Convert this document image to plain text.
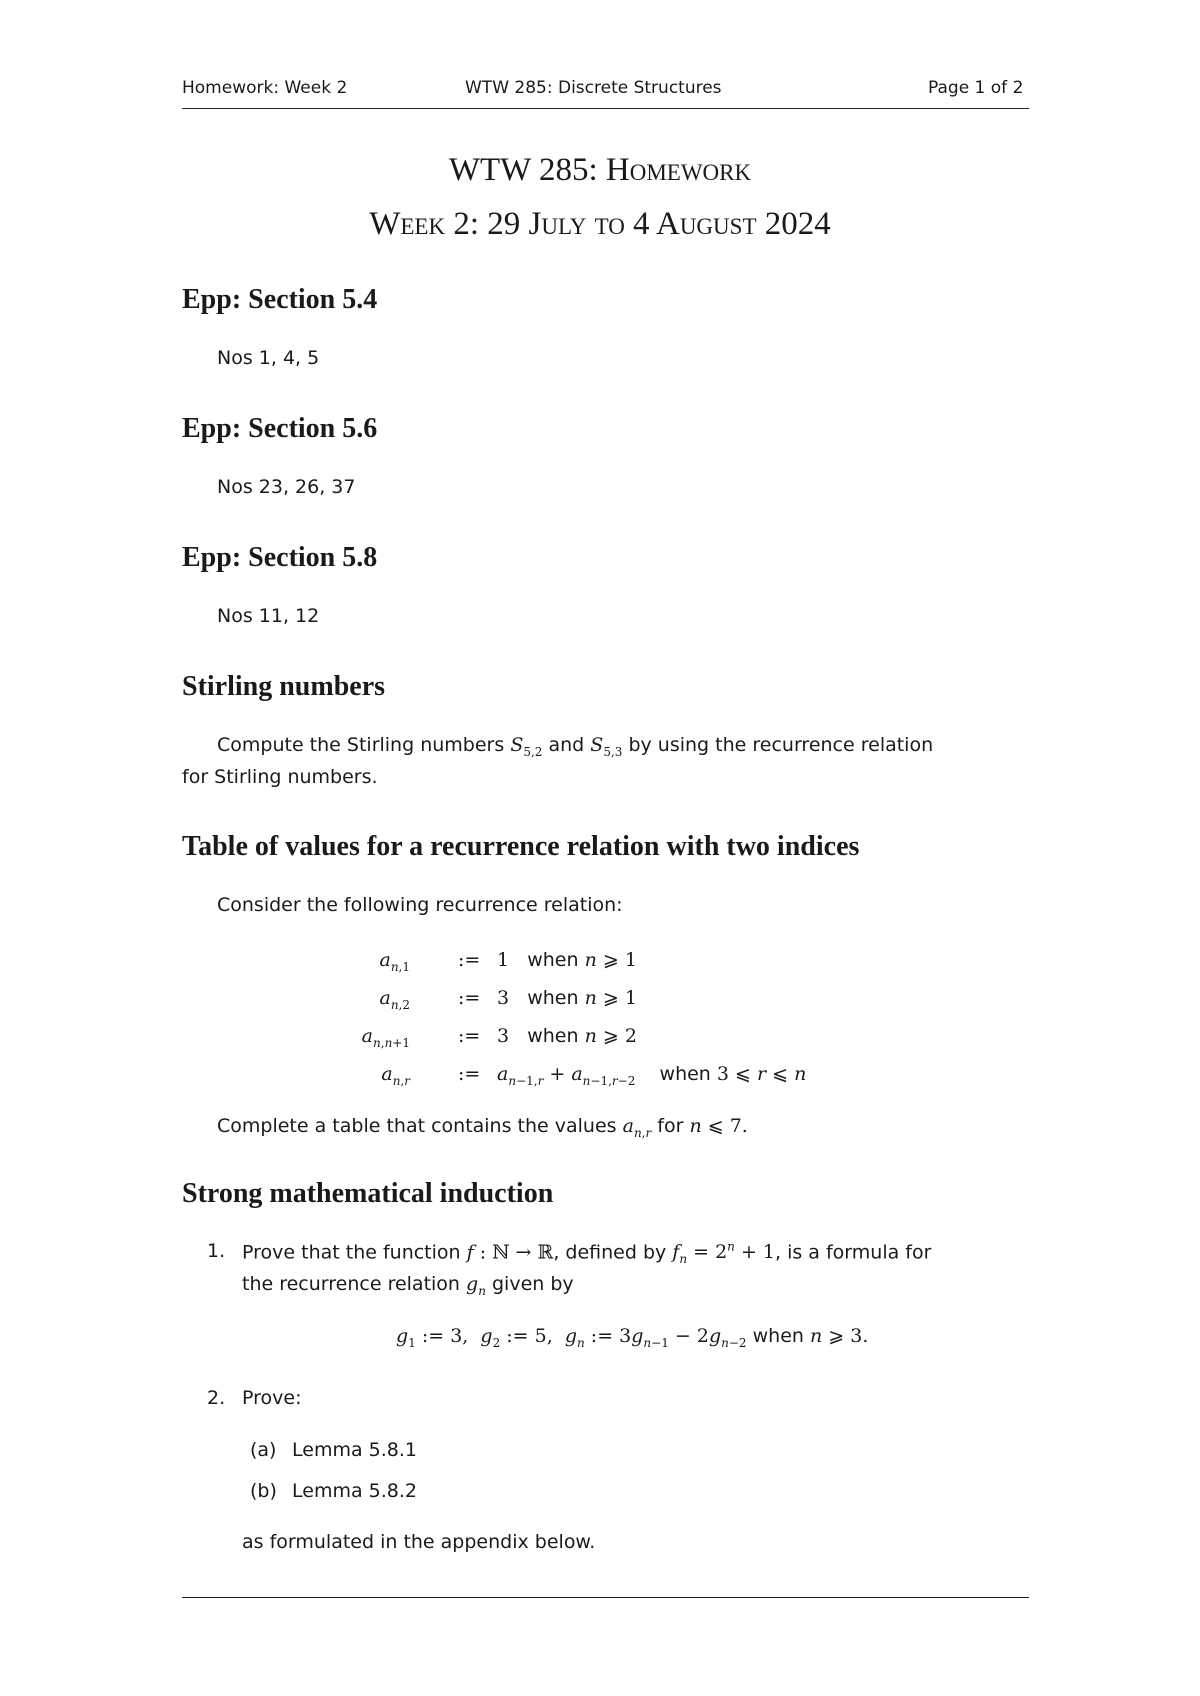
Homework: Week 2	WTW 285: Discrete Structures	Page 1 of 2
WTW 285: Homework
Week 2: 29 July to 4 August 2024
Epp: Section 5.4
Nos 1, 4, 5
Epp: Section 5.6
Nos 23, 26, 37
Epp: Section 5.8
Nos 11, 12
Stirling numbers
Compute the Stirling numbers $S_{5,2}$ and $S_{5,3}$ by using the recurrence relation
for Stirling numbers.
Table of values for a recurrence relation with two indices
Consider the following recurrence relation:
$a_{n,1}$	:= 1 when n ⩾ 1
$a_{n,2}$	:= 3 when n ⩾ 1
$a_{n,n+1}$	:= 3 when n ⩾ 2
$a_{n,r}$	:= $a_{n-1,r} + a_{n-1,r-2}$ when 3 ⩽ r ⩽ n
Complete a table that contains the values $a_{n,r}$ for n ⩽ 7.
Strong mathematical induction
1. Prove that the function f : ℕ → ℝ, defined by $f_n = 2^n + 1$, is a formula for
the recurrence relation $g_n$ given by
$g_1$ := 3,  $g_2$ := 5,  $g_n$ := $3g_{n-1} - 2g_{n-2}$ when n ⩾ 3.
2. Prove:
(a) Lemma 5.8.1
(b) Lemma 5.8.2
as formulated in the appendix below.
